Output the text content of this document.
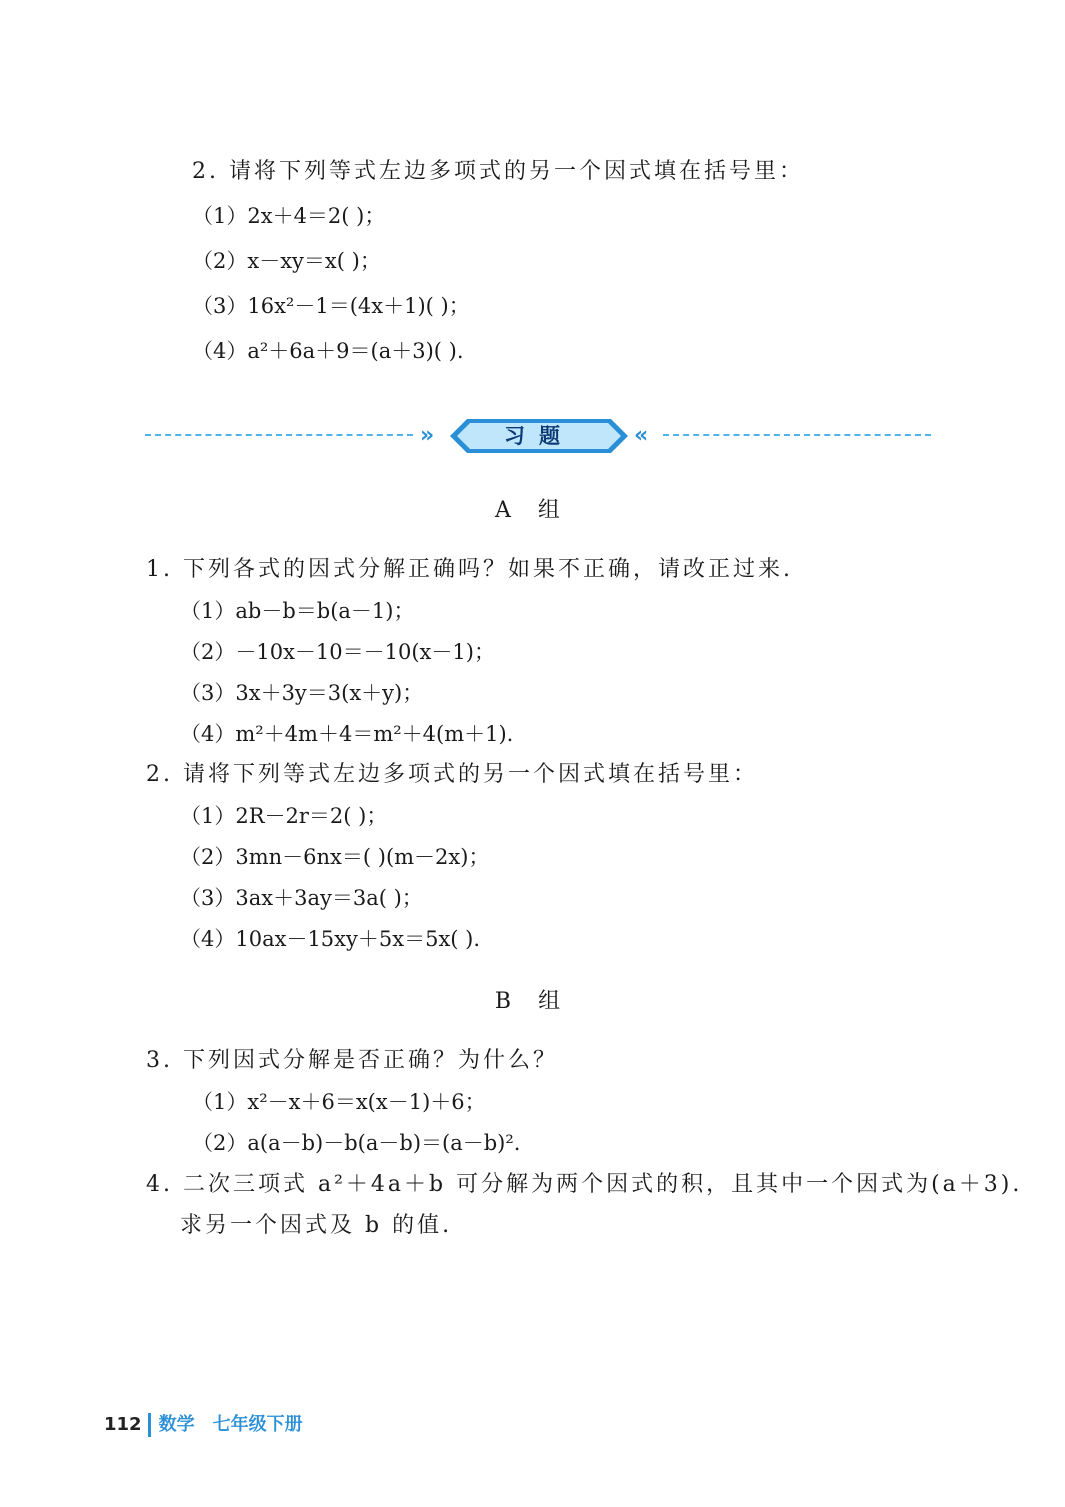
2. 请将下列等式左边多项式的另一个因式填在括号里：
（1）2x＋4＝2( )；
（2）x－xy＝x( )；
（3）16x²－1＝(4x＋1)( )；
（4）a²＋6a＋9＝(a＋3)( ).
»	习题	«
A 组
1. 下列各式的因式分解正确吗？如果不正确，请改正过来.
（1）ab－b＝b(a－1)；
（2）－10x－10＝－10(x－1)；
（3）3x＋3y＝3(x＋y)；
（4）m²＋4m＋4＝m²＋4(m＋1).
2. 请将下列等式左边多项式的另一个因式填在括号里：
（1）2R－2r＝2( )；
（2）3mn－6nx＝( )(m－2x)；
（3）3ax＋3ay＝3a( )；
（4）10ax－15xy＋5x＝5x( ).
B 组
3. 下列因式分解是否正确？为什么？
（1）x²－x＋6＝x(x－1)＋6；
（2）a(a－b)－b(a－b)＝(a－b)².
4. 二次三项式 a²＋4a＋b 可分解为两个因式的积，且其中一个因式为(a＋3).
求另一个因式及 b 的值.
112 数学　七年级下册
